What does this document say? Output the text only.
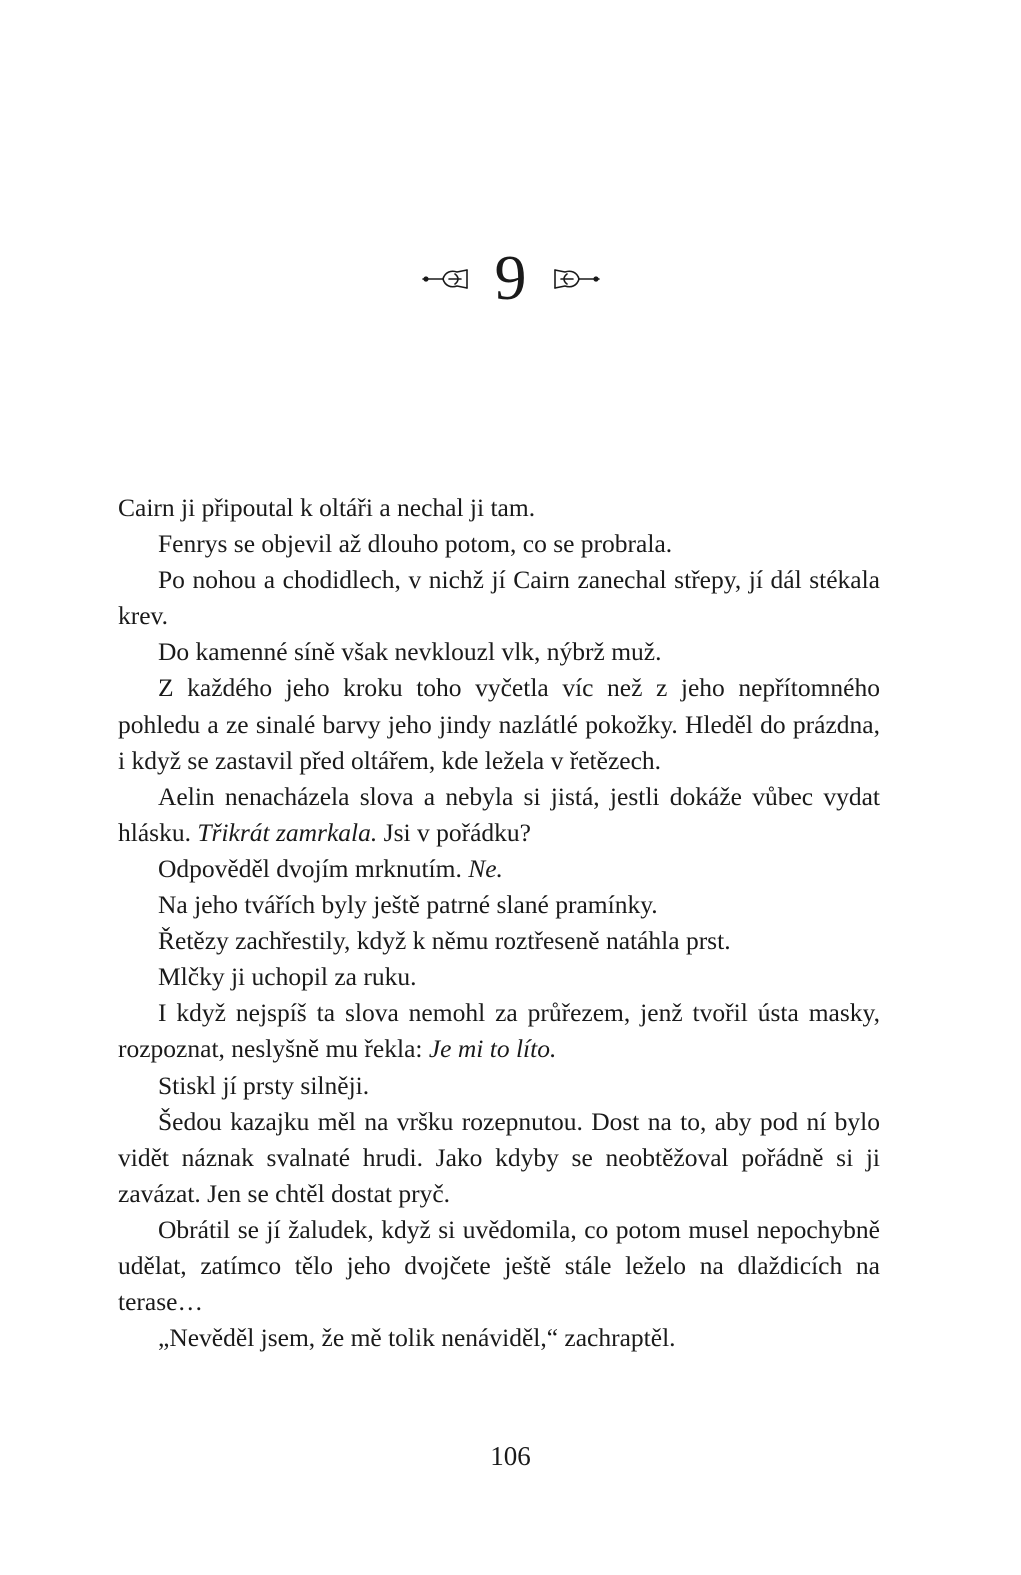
9

Cairn ji připoutal k oltáři a nechal ji tam.

Fenrys se objevil až dlouho potom, co se probrala.

Po nohou a chodidlech, v nichž jí Cairn zanechal střepy, jí dál stékala krev.

Do kamenné síně však nevklouzl vlk, nýbrž muž.

Z každého jeho kroku toho vyčetla víc než z jeho nepřítomného pohledu a ze sinalé barvy jeho jindy nazlátlé pokožky. Hleděl do prázdna, i když se zastavil před oltářem, kde ležela v řetězech.

Aelin nenacházela slova a nebyla si jistá, jestli dokáže vůbec vydat hlásku. Třikrát zamrkala. Jsi v pořádku?

Odpověděl dvojím mrknutím. Ne.

Na jeho tvářích byly ještě patrné slané pramínky.

Řetězy zachřestily, když k němu roztřeseně natáhla prst.

Mlčky ji uchopil za ruku.

I když nejspíš ta slova nemohl za průřezem, jenž tvořil ústa masky, rozpoznat, neslyšně mu řekla: Je mi to líto.

Stiskl jí prsty silněji.

Šedou kazajku měl na vršku rozepnutou. Dost na to, aby pod ní bylo vidět náznak svalnaté hrudi. Jako kdyby se neobtěžoval pořádně si ji zavázat. Jen se chtěl dostat pryč.

Obrátil se jí žaludek, když si uvědomila, co potom musel nepochybně udělat, zatímco tělo jeho dvojčete ještě stále leželo na dlaždicích na terase…

„Nevěděl jsem, že mě tolik nenáviděl,“ zachraptěl.

106
